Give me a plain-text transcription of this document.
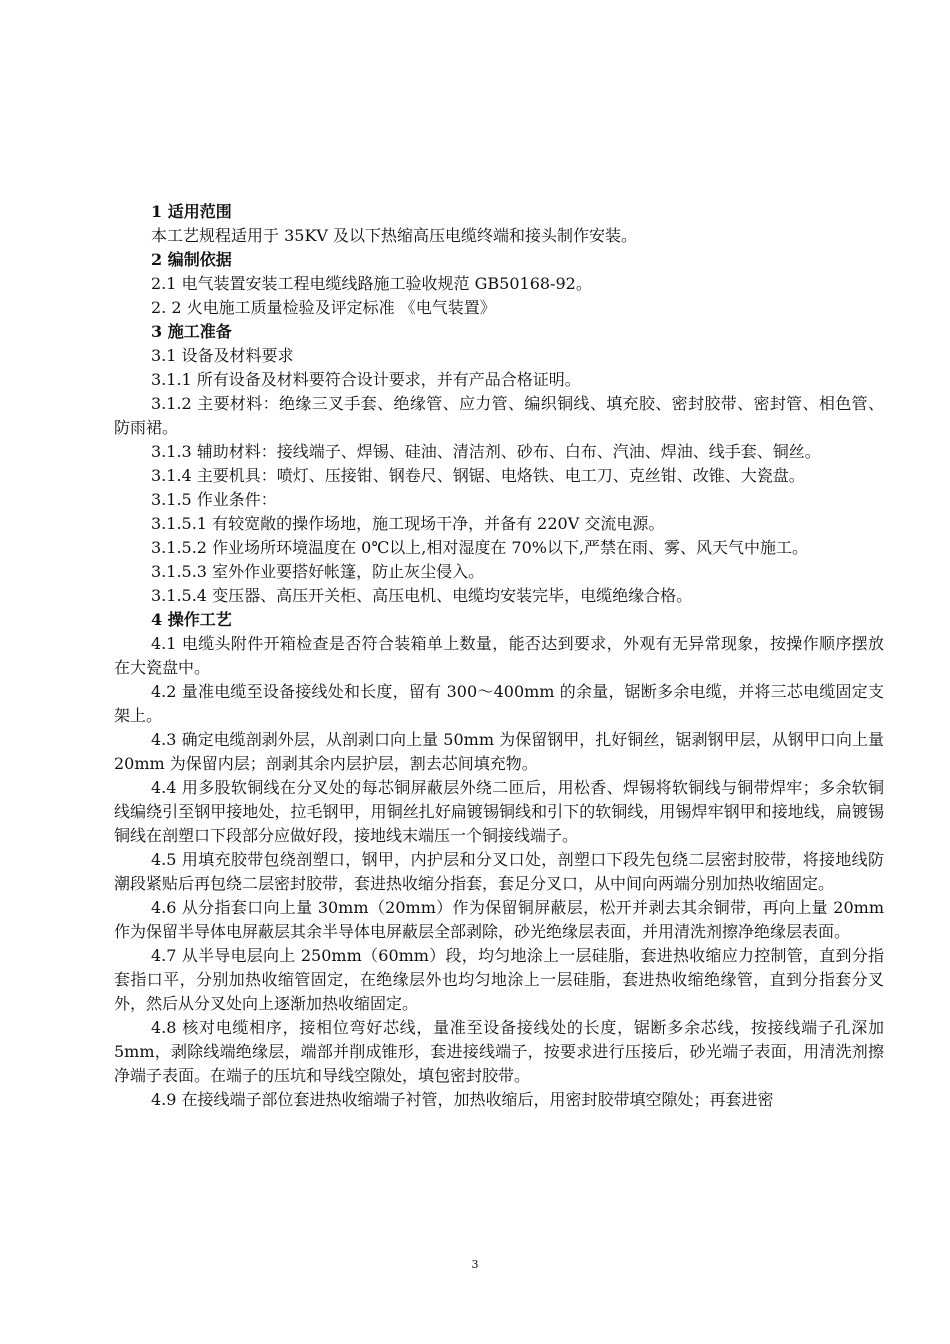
1 适用范围
本工艺规程适用于 35KV 及以下热缩高压电缆终端和接头制作安装。
2 编制依据
2.1 电气装置安装工程电缆线路施工验收规范 GB50168-92。
2. 2 火电施工质量检验及评定标准 《电气装置》
3 施工准备
3.1 设备及材料要求
3.1.1 所有设备及材料要符合设计要求，并有产品合格证明。
3.1.2 主要材料：绝缘三叉手套、绝缘管、应力管、编织铜线、填充胶、密封胶带、密封管、相色管、防雨裙。
3.1.3 辅助材料：接线端子、焊锡、硅油、清洁剂、砂布、白布、汽油、焊油、线手套、铜丝。
3.1.4 主要机具：喷灯、压接钳、钢卷尺、钢锯、电烙铁、电工刀、克丝钳、改锥、大瓷盘。
3.1.5 作业条件：
3.1.5.1 有较宽敞的操作场地，施工现场干净，并备有 220V 交流电源。
3.1.5.2 作业场所环境温度在 0℃以上,相对湿度在 70%以下,严禁在雨、雾、风天气中施工。
3.1.5.3 室外作业要搭好帐篷，防止灰尘侵入。
3.1.5.4 变压器、高压开关柜、高压电机、电缆均安装完毕，电缆绝缘合格。
4 操作工艺
4.1 电缆头附件开箱检查是否符合装箱单上数量，能否达到要求，外观有无异常现象，按操作顺序摆放在大瓷盘中。
4.2 量准电缆至设备接线处和长度，留有 300～400mm 的余量，锯断多余电缆，并将三芯电缆固定支架上。
4.3 确定电缆剖剥外层，从剖剥口向上量 50mm 为保留钢甲，扎好铜丝，锯剥钢甲层，从钢甲口向上量 20mm 为保留内层；剖剥其余内层护层，割去芯间填充物。
4.4 用多股软铜线在分叉处的每芯铜屏蔽层外绕二匝后，用松香、焊锡将软铜线与铜带焊牢；多余软铜线编绕引至钢甲接地处，拉毛钢甲，用铜丝扎好扁镀锡铜线和引下的软铜线，用锡焊牢钢甲和接地线，扁镀锡铜线在剖塑口下段部分应做好段，接地线末端压一个铜接线端子。
4.5 用填充胶带包绕剖塑口，钢甲，内护层和分叉口处，剖塑口下段先包绕二层密封胶带，将接地线防潮段紧贴后再包绕二层密封胶带，套进热收缩分指套，套足分叉口，从中间向两端分别加热收缩固定。
4.6 从分指套口向上量 30mm（20mm）作为保留铜屏蔽层，松开并剥去其余铜带，再向上量 20mm 作为保留半导体电屏蔽层其余半导体电屏蔽层全部剥除，砂光绝缘层表面，并用清洗剂擦净绝缘层表面。
4.7 从半导电层向上 250mm（60mm）段，均匀地涂上一层硅脂，套进热收缩应力控制管，直到分指套指口平，分别加热收缩管固定，在绝缘层外也均匀地涂上一层硅脂，套进热收缩绝缘管，直到分指套分叉外，然后从分叉处向上逐渐加热收缩固定。
4.8 核对电缆相序，接相位弯好芯线，量准至设备接线处的长度，锯断多余芯线，按接线端子孔深加 5mm，剥除线端绝缘层，端部并削成锥形，套进接线端子，按要求进行压接后，砂光端子表面，用清洗剂擦净端子表面。在端子的压坑和导线空隙处，填包密封胶带。
4.9 在接线端子部位套进热收缩端子衬管，加热收缩后，用密封胶带填空隙处；再套进密
3
